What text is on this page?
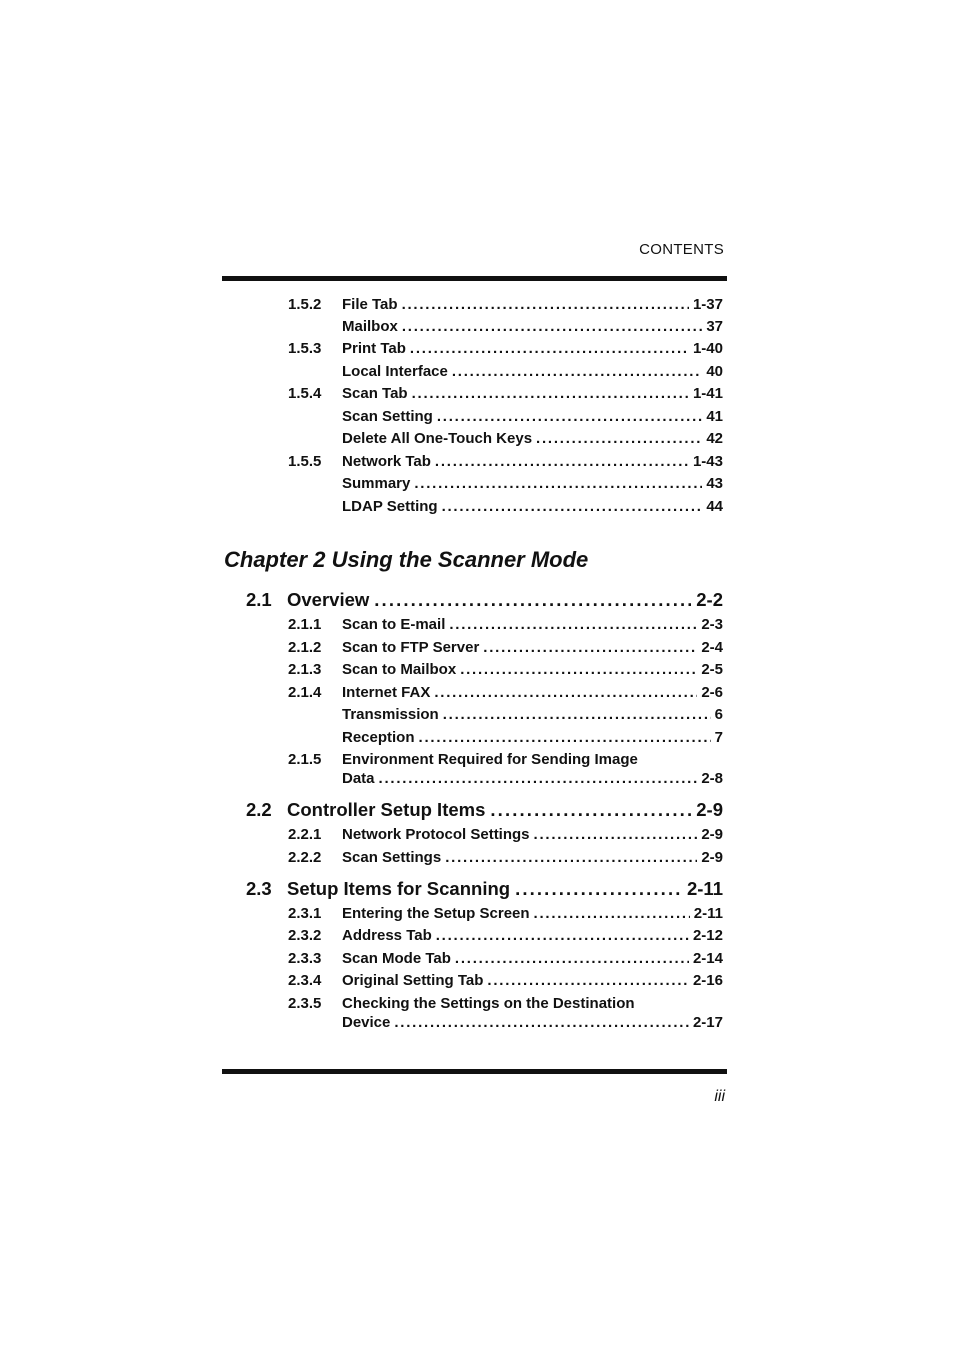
CONTENTS
1.5.2 File Tab . . .	1-37
Mailbox . . .	37
1.5.3 Print Tab . . .	1-40
Local Interface . . .	40
1.5.4 Scan Tab . . .	1-41
Scan Setting . . .	41
Delete All One-Touch Keys . . .	42
1.5.5 Network Tab . . .	1-43
Summary . . .	43
LDAP Setting . . .	44
2.1 Overview . . .	2-2
2.1.1 Scan to E-mail . . .	2-3
2.1.2 Scan to FTP Server . . .	2-4
2.1.3 Scan to Mailbox . . .	2-5
2.1.4 Internet FAX . . .	2-6
Transmission . . .	6
Reception . . .	7
2.1.5 Environment Required for Sending Image
Data . . .	2-8
2.2 Controller Setup Items . . .	2-9
2.2.1 Network Protocol Settings . . .	2-9
2.2.2 Scan Settings . . .	2-9
2.3 Setup Items for Scanning . . .	2-11
2.3.1 Entering the Setup Screen . . .	2-11
2.3.2 Address Tab . . .	2-12
2.3.3 Scan Mode Tab . . .	2-14
2.3.4 Original Setting Tab . . .	2-16
2.3.5 Checking the Settings on the Destination
Device . . .	2-17
Chapter 2 Using the Scanner Mode
iii
